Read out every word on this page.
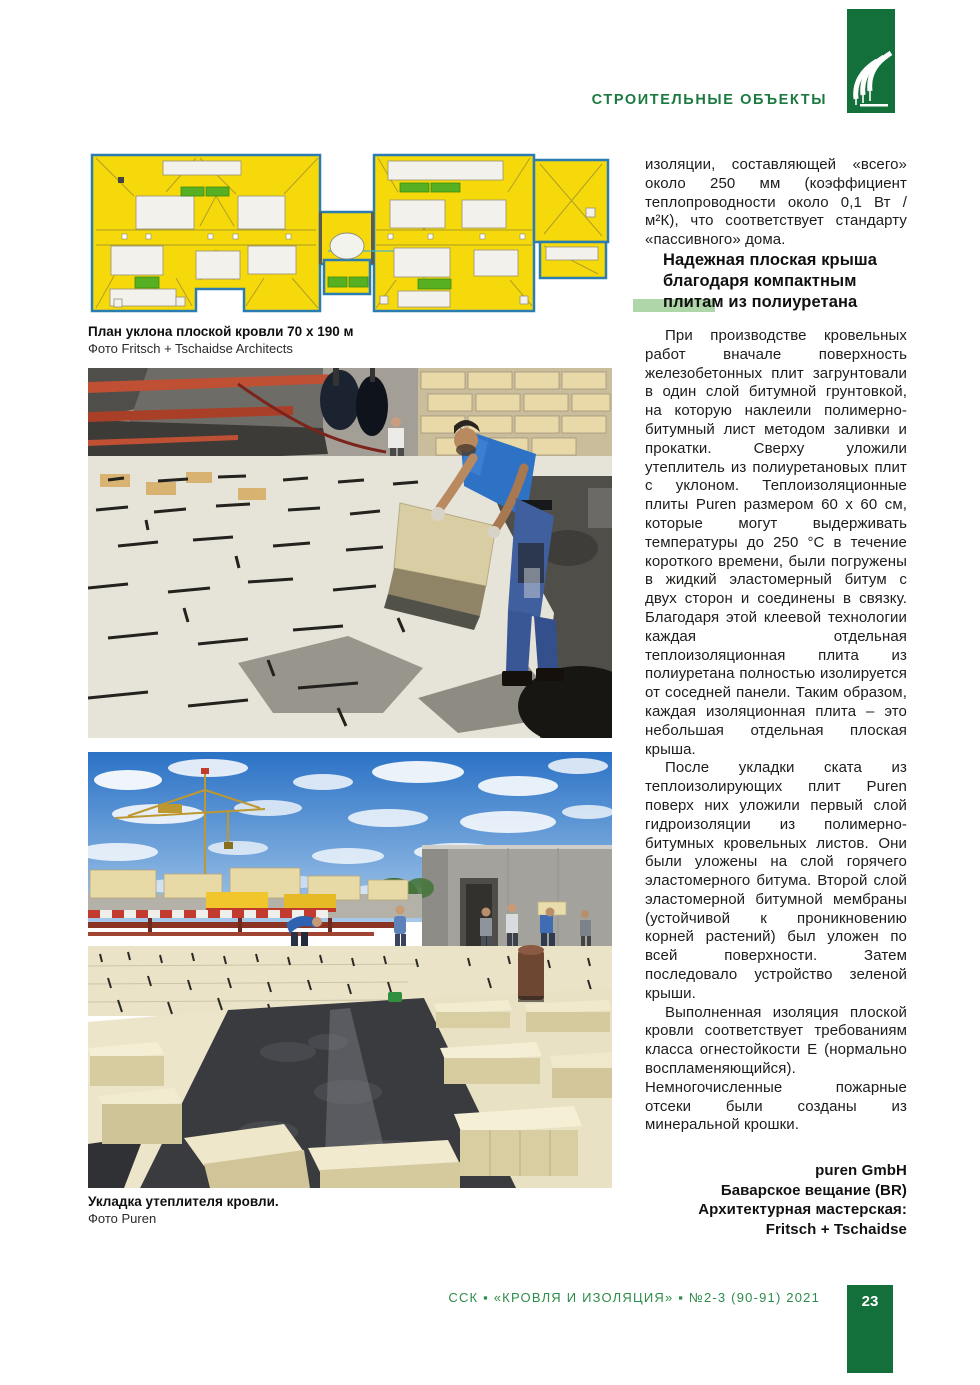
СТРОИТЕЛЬНЫЕ ОБЪЕКТЫ
План уклона плоской кровли 70 х 190 м
Фото Fritsch + Tschaidse Architects
Укладка утеплителя кровли.
Фото Puren

изоляции, составляющей «всего» около 250 мм (коэффициент теплопроводности около 0,1 Вт / м²К), что соответствует стандарту «пассивного» дома.

Надежная плоская крыша
благодаря компактным
плитам из полиуретана

При производстве кровельных работ вначале поверхность железобетонных плит загрунтовали в один слой битумной грунтовкой, на которую наклеили полимерно-битумный лист методом заливки и прокатки. Сверху уложили утеплитель из полиуретановых плит с уклоном. Теплоизоляционные плиты Puren размером 60 х 60 см, которые могут выдерживать температуры до 250 °С в течение короткого времени, были погружены в жидкий эластомерный битум с двух сторон и соединены в связку. Благодаря этой клеевой технологии каждая отдельная теплоизоляционная плита из полиуретана полностью изолируется от соседней панели. Таким образом, каждая изоляционная плита – это небольшая отдельная плоская крыша.

После укладки ската из теплоизолирующих плит Puren поверх них уложили первый слой гидроизоляции из полимерно-битумных кровельных листов. Они были уложены на слой горячего эластомерного битума. Второй слой эластомерной битумной мембраны (устойчивой к проникновению корней растений) был уложен по всей поверхности. Затем последовало устройство зеленой крыши.

Выполненная изоляция плоской кровли соответствует требованиям класса огнестойкости Е (нормально воспламеняющийся). Немногочисленные пожарные отсеки были созданы из минеральной крошки.

puren GmbH
Баварское вещание (BR)
Архитектурная мастерская:
Fritsch + Tschaidse
ССК ▪ «КРОВЛЯ И ИЗОЛЯЦИЯ» ▪ №2-3 (90-91) 2021	23
